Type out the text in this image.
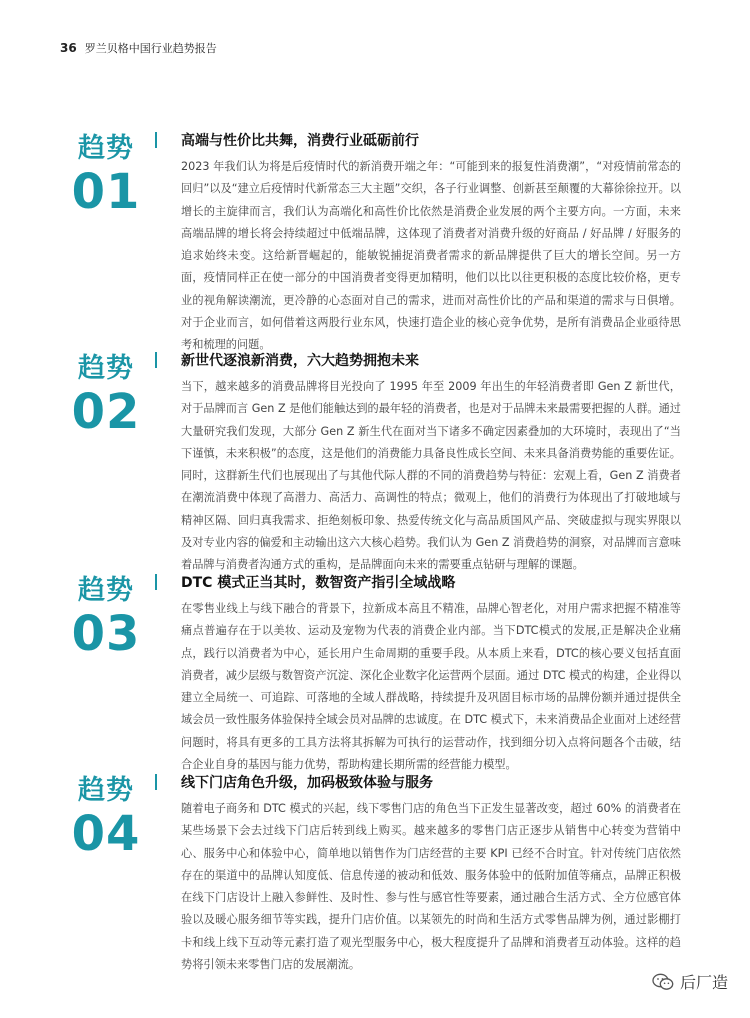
36 罗兰贝格中国行业趋势报告
趋势
01
高端与性价比共舞，消费行业砥砺前行
2023 年我们认为将是后疫情时代的新消费开端之年：“可能到来的报复性消费潮”，“对疫情前常态的回归”以及“建立后疫情时代新常态三大主题”交织，各子行业调整、创新甚至颠覆的大幕徐徐拉开。以增长的主旋律而言，我们认为高端化和高性价比依然是消费企业发展的两个主要方向。一方面，未来高端品牌的增长将会持续超过中低端品牌，这体现了消费者对消费升级的好商品 / 好品牌 / 好服务的追求始终未变。这给新晋崛起的，能敏锐捕捉消费者需求的新品牌提供了巨大的增长空间。另一方面，疫情同样正在使一部分的中国消费者变得更加精明，他们以比以往更积极的态度比较价格，更专业的视角解读潮流，更冷静的心态面对自己的需求，进而对高性价比的产品和渠道的需求与日俱增。对于企业而言，如何借着这两股行业东风，快速打造企业的核心竞争优势，是所有消费品企业亟待思考和梳理的问题。
趋势
02
新世代逐浪新消费，六大趋势拥抱未来
当下，越来越多的消费品牌将目光投向了 1995 年至 2009 年出生的年轻消费者即 Gen Z 新世代，对于品牌而言 Gen Z 是他们能触达到的最年轻的消费者，也是对于品牌未来最需要把握的人群。通过大量研究我们发现，大部分 Gen Z 新生代在面对当下诸多不确定因素叠加的大环境时，表现出了“当下谨慎，未来积极”的态度，这是他们的消费能力具备良性成长空间、未来具备消费势能的重要佐证。同时，这群新生代们也展现出了与其他代际人群的不同的消费趋势与特征：宏观上看，Gen Z 消费者在潮流消费中体现了高潜力、高活力、高调性的特点；微观上，他们的消费行为体现出了打破地域与精神区隔、回归真我需求、拒绝刻板印象、热爱传统文化与高品质国风产品、突破虚拟与现实界限以及对专业内容的偏爱和主动输出这六大核心趋势。我们认为 Gen Z 消费趋势的洞察，对品牌而言意味着品牌与消费者沟通方式的重构，是品牌面向未来的需要重点钻研与理解的课题。
趋势
03
DTC 模式正当其时，数智资产指引全域战略
在零售业线上与线下融合的背景下，拉新成本高且不精准，品牌心智老化，对用户需求把握不精准等痛点普遍存在于以美妆、运动及宠物为代表的消费企业内部。当下DTC模式的发展,正是解决企业痛点，践行以消费者为中心，延长用户生命周期的重要手段。从本质上来看，DTC的核心要义包括直面消费者，减少层级与数智资产沉淀、深化企业数字化运营两个层面。通过 DTC 模式的构建，企业得以建立全局统一、可追踪、可落地的全域人群战略，持续提升及巩固目标市场的品牌份额并通过提供全域会员一致性服务体验保持全域会员对品牌的忠诚度。在 DTC 模式下，未来消费品企业面对上述经营问题时，将具有更多的工具方法将其拆解为可执行的运营动作，找到细分切入点将问题各个击破，结合企业自身的基因与能力优势，帮助构建长期所需的经营能力模型。
趋势
04
线下门店角色升级，加码极致体验与服务
随着电子商务和 DTC 模式的兴起，线下零售门店的角色当下正发生显著改变，超过 60% 的消费者在某些场景下会去过线下门店后转到线上购买。越来越多的零售门店正逐步从销售中心转变为营销中心、服务中心和体验中心，简单地以销售作为门店经营的主要 KPI 已经不合时宜。针对传统门店依然存在的渠道中的品牌认知度低、信息传递的被动和低效、服务体验中的低附加值等痛点，品牌正积极在线下门店设计上融入参鲜性、及时性、参与性与感官性等要素，通过融合生活方式、全方位感官体验以及暖心服务细节等实践，提升门店价值。以某领先的时尚和生活方式零售品牌为例，通过影棚打卡和线上线下互动等元素打造了观光型服务中心，极大程度提升了品牌和消费者互动体验。这样的趋势将引领未来零售门店的发展潮流。
后厂造
